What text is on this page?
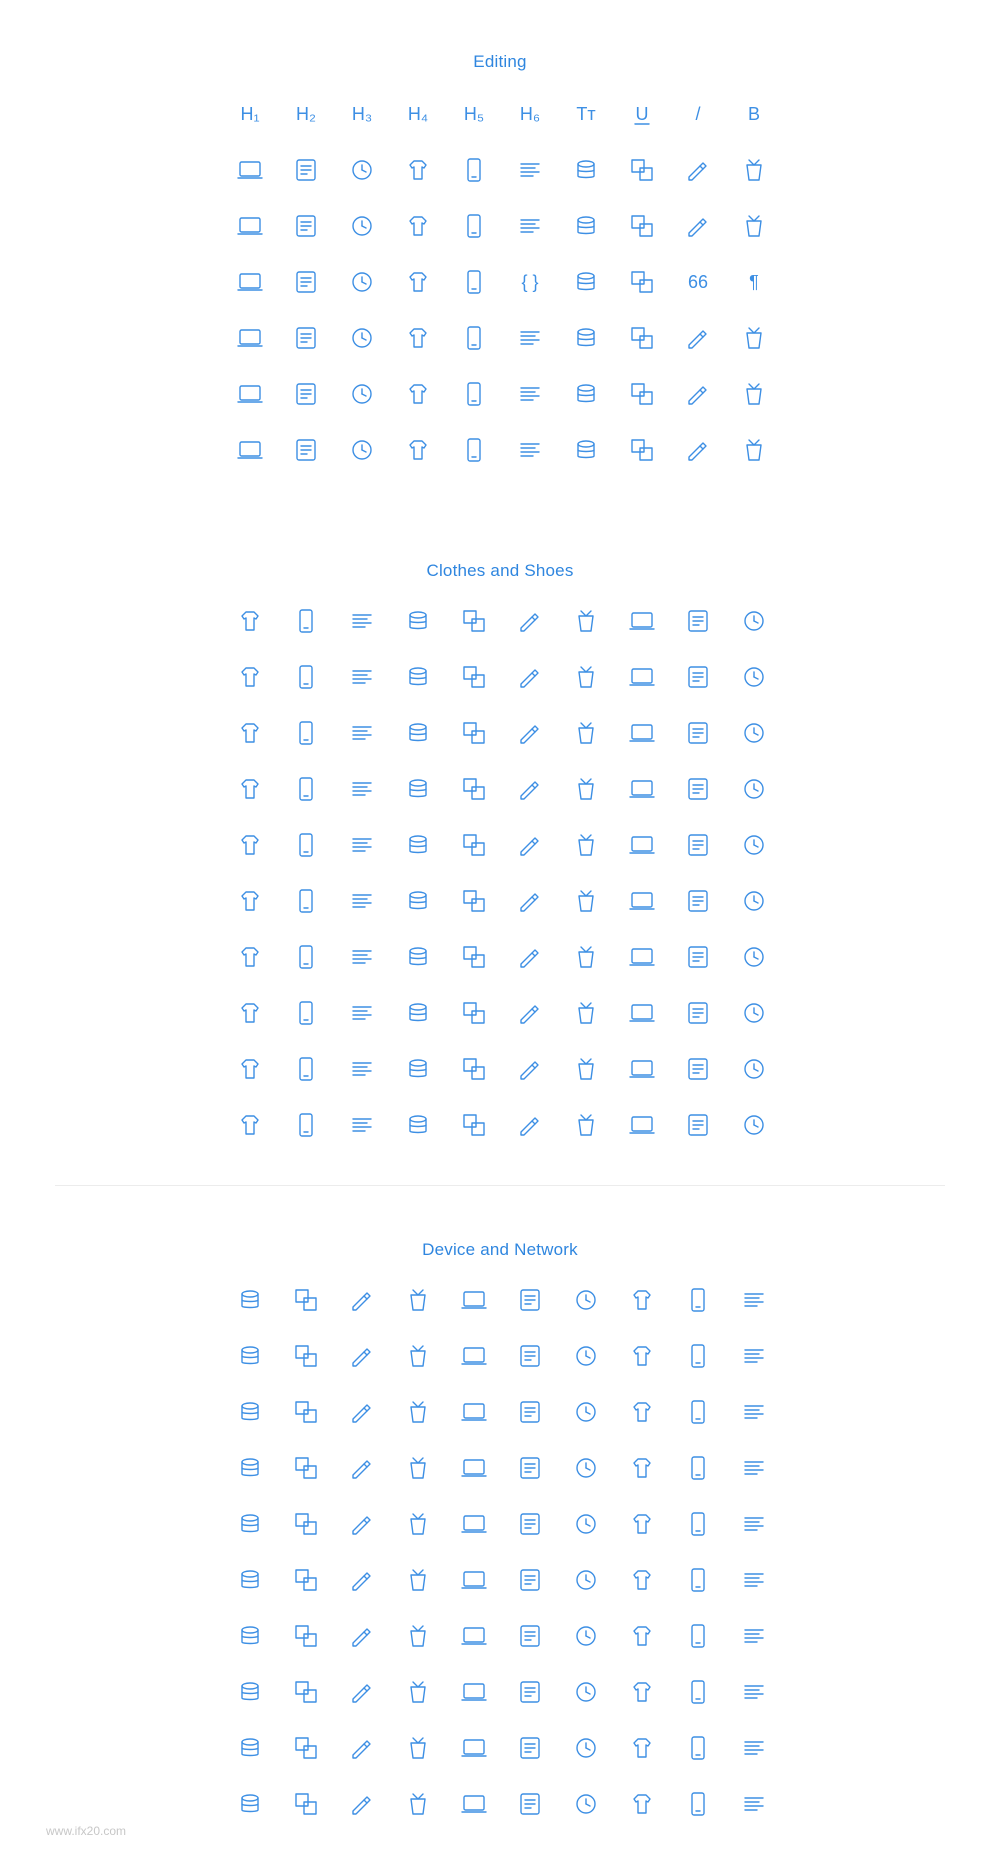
Editing
H₁ H₂ H₃ H₄ H₅ H₆ Tт U	/	B
{ }	66 ¶
Clothes and Shoes
Device and Network
www.ifx20.com
